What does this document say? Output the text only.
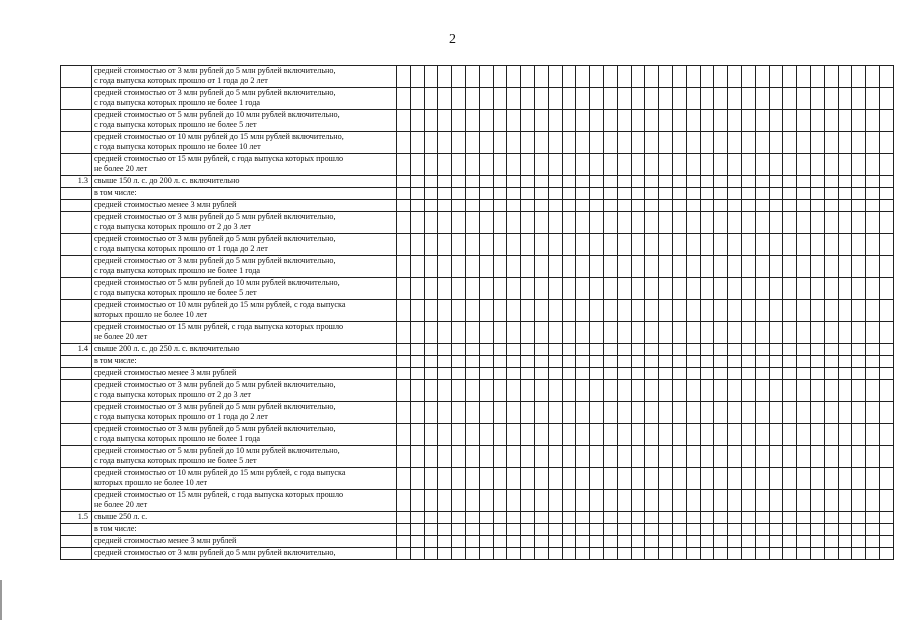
2

	средней стоимостью от 3 млн рублей до 5 млн рублей включительно,
с года выпуска которых прошло от 1 года до 2 лет																																				

	средней стоимостью от 3 млн рублей до 5 млн рублей включительно,
с года выпуска которых прошло не более 1 года																																				

	средней стоимостью от 5 млн рублей до 10 млн рублей включительно,
с года выпуска которых прошло не более 5 лет																																				

	средней стоимостью от 10 млн рублей до 15 млн рублей включительно,
с года выпуска которых прошло не более 10 лет																																				

	средней стоимостью от 15 млн рублей, с года выпуска которых прошло
не более 20 лет																																				

1.3	свыше 150 л. с. до 200 л. с. включительно																																				

	в том числе:																																				

	средней стоимостью менее 3 млн рублей																																				

	средней стоимостью от 3 млн рублей до 5 млн рублей включительно,
с года выпуска которых прошло от 2 до 3 лет																																				

	средней стоимостью от 3 млн рублей до 5 млн рублей включительно,
с года выпуска которых прошло от 1 года до 2 лет																																				

	средней стоимостью от 3 млн рублей до 5 млн рублей включительно,
с года выпуска которых прошло не более 1 года																																				

	средней стоимостью от 5 млн рублей до 10 млн рублей включительно,
с года выпуска которых прошло не более 5 лет																																				

	средней стоимостью от 10 млн рублей до 15 млн рублей, с года выпуска
которых прошло не более 10 лет																																				

	средней стоимостью от 15 млн рублей, с года выпуска которых прошло
не более 20 лет																																				

1.4	свыше 200 л. с. до 250 л. с. включительно																																				

	в том числе:																																				

	средней стоимостью менее 3 млн рублей																																				

	средней стоимостью от 3 млн рублей до 5 млн рублей включительно,
с года выпуска которых прошло от 2 до 3 лет																																				

	средней стоимостью от 3 млн рублей до 5 млн рублей включительно,
с года выпуска которых прошло от 1 года до 2 лет																																				

	средней стоимостью от 3 млн рублей до 5 млн рублей включительно,
с года выпуска которых прошло не более 1 года																																				

	средней стоимостью от 5 млн рублей до 10 млн рублей включительно,
с года выпуска которых прошло не более 5 лет																																				

	средней стоимостью от 10 млн рублей до 15 млн рублей, с года выпуска
которых прошло не более 10 лет																																				

	средней стоимостью от 15 млн рублей, с года выпуска которых прошло
не более 20 лет																																				

1.5	свыше 250 л. с.																																				

	в том числе:																																				

	средней стоимостью менее 3 млн рублей																																				

	средней стоимостью от 3 млн рублей до 5 млн рублей включительно,																																				
